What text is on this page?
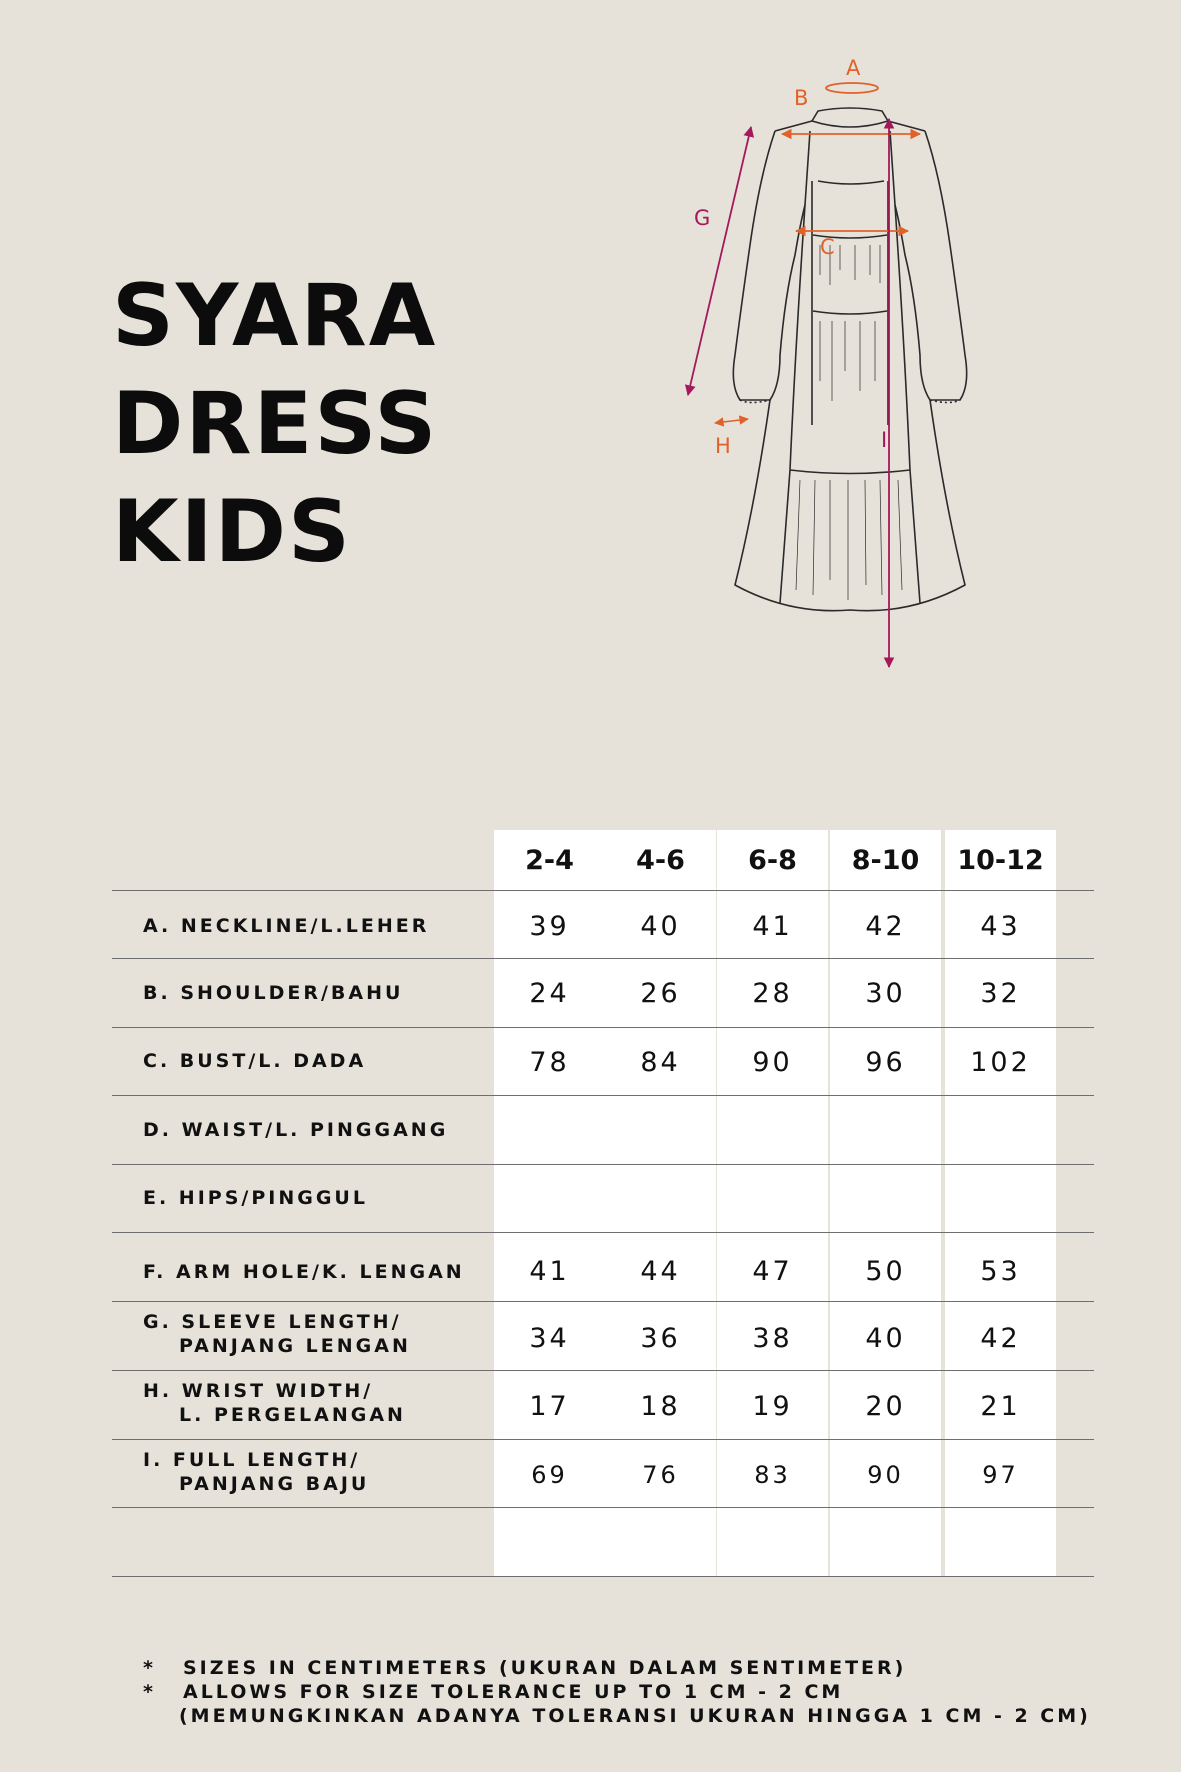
SYARA
DRESS
KIDS
A
B
C
G
H	I
2-4	4-6	6-8	8-10	10-12
A. NECKLINE/L.LEHER	39	40	41	42	43
B. SHOULDER/BAHU	24	26	28	30	32
C. BUST/L. DADA	78	84	90	96	102
D. WAIST/L. PINGGANG
E. HIPS/PINGGUL
F. ARM HOLE/K. LENGAN	41	44	47	50	53
G. SLEEVE LENGTH/
PANJANG LENGAN	34	36	38	40	42
H. WRIST WIDTH/
L. PERGELANGAN	17	18	19	20	21
I. FULL LENGTH/
PANJANG BAJU	69	76	83	90	97
* SIZES IN CENTIMETERS (UKURAN DALAM SENTIMETER)
* ALLOWS FOR SIZE TOLERANCE UP TO 1 CM - 2 CM
(MEMUNGKINKAN ADANYA TOLERANSI UKURAN HINGGA 1 CM - 2 CM)
